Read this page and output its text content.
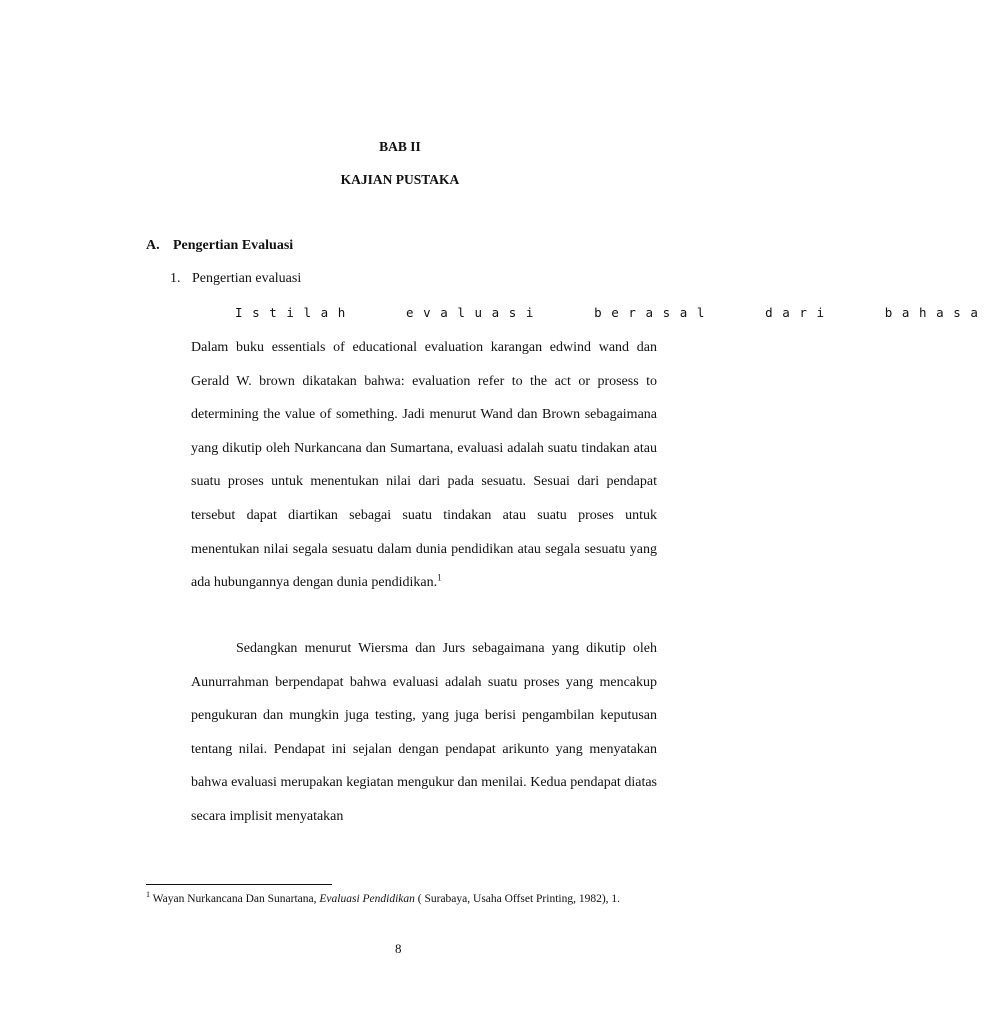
BAB II
KAJIAN PUSTAKA
A. Pengertian Evaluasi
1. Pengertian evaluasi
Istilah evaluasi berasal dari bahasa

Dalam buku essentials of educational evaluation karangan edwind wand dan Gerald W. brown dikatakan bahwa: evaluation refer to the act or prosess to determining the value of something. Jadi menurut Wand dan Brown sebagaimana yang dikutip oleh Nurkancana dan Sumartana, evaluasi adalah suatu tindakan atau suatu proses untuk menentukan nilai dari pada sesuatu. Sesuai dari pendapat tersebut dapat diartikan sebagai suatu tindakan atau suatu proses untuk menentukan nilai segala sesuatu dalam dunia pendidikan atau segala sesuatu yang ada hubungannya dengan dunia pendidikan.$^1$

Sedangkan menurut Wiersma dan Jurs sebagaimana yang dikutip oleh Aunurrahman berpendapat bahwa evaluasi adalah suatu proses yang mencakup pengukuran dan mungkin juga testing, yang juga berisi pengambilan keputusan tentang nilai. Pendapat ini sejalan dengan pendapat arikunto yang menyatakan bahwa evaluasi merupakan kegiatan mengukur dan menilai. Kedua pendapat diatas secara implisit menyatakan

$^1$ Wayan Nurkancana Dan Sunartana, Evaluasi Pendidikan ( Surabaya, Usaha Offset Printing, 1982), 1.
8
